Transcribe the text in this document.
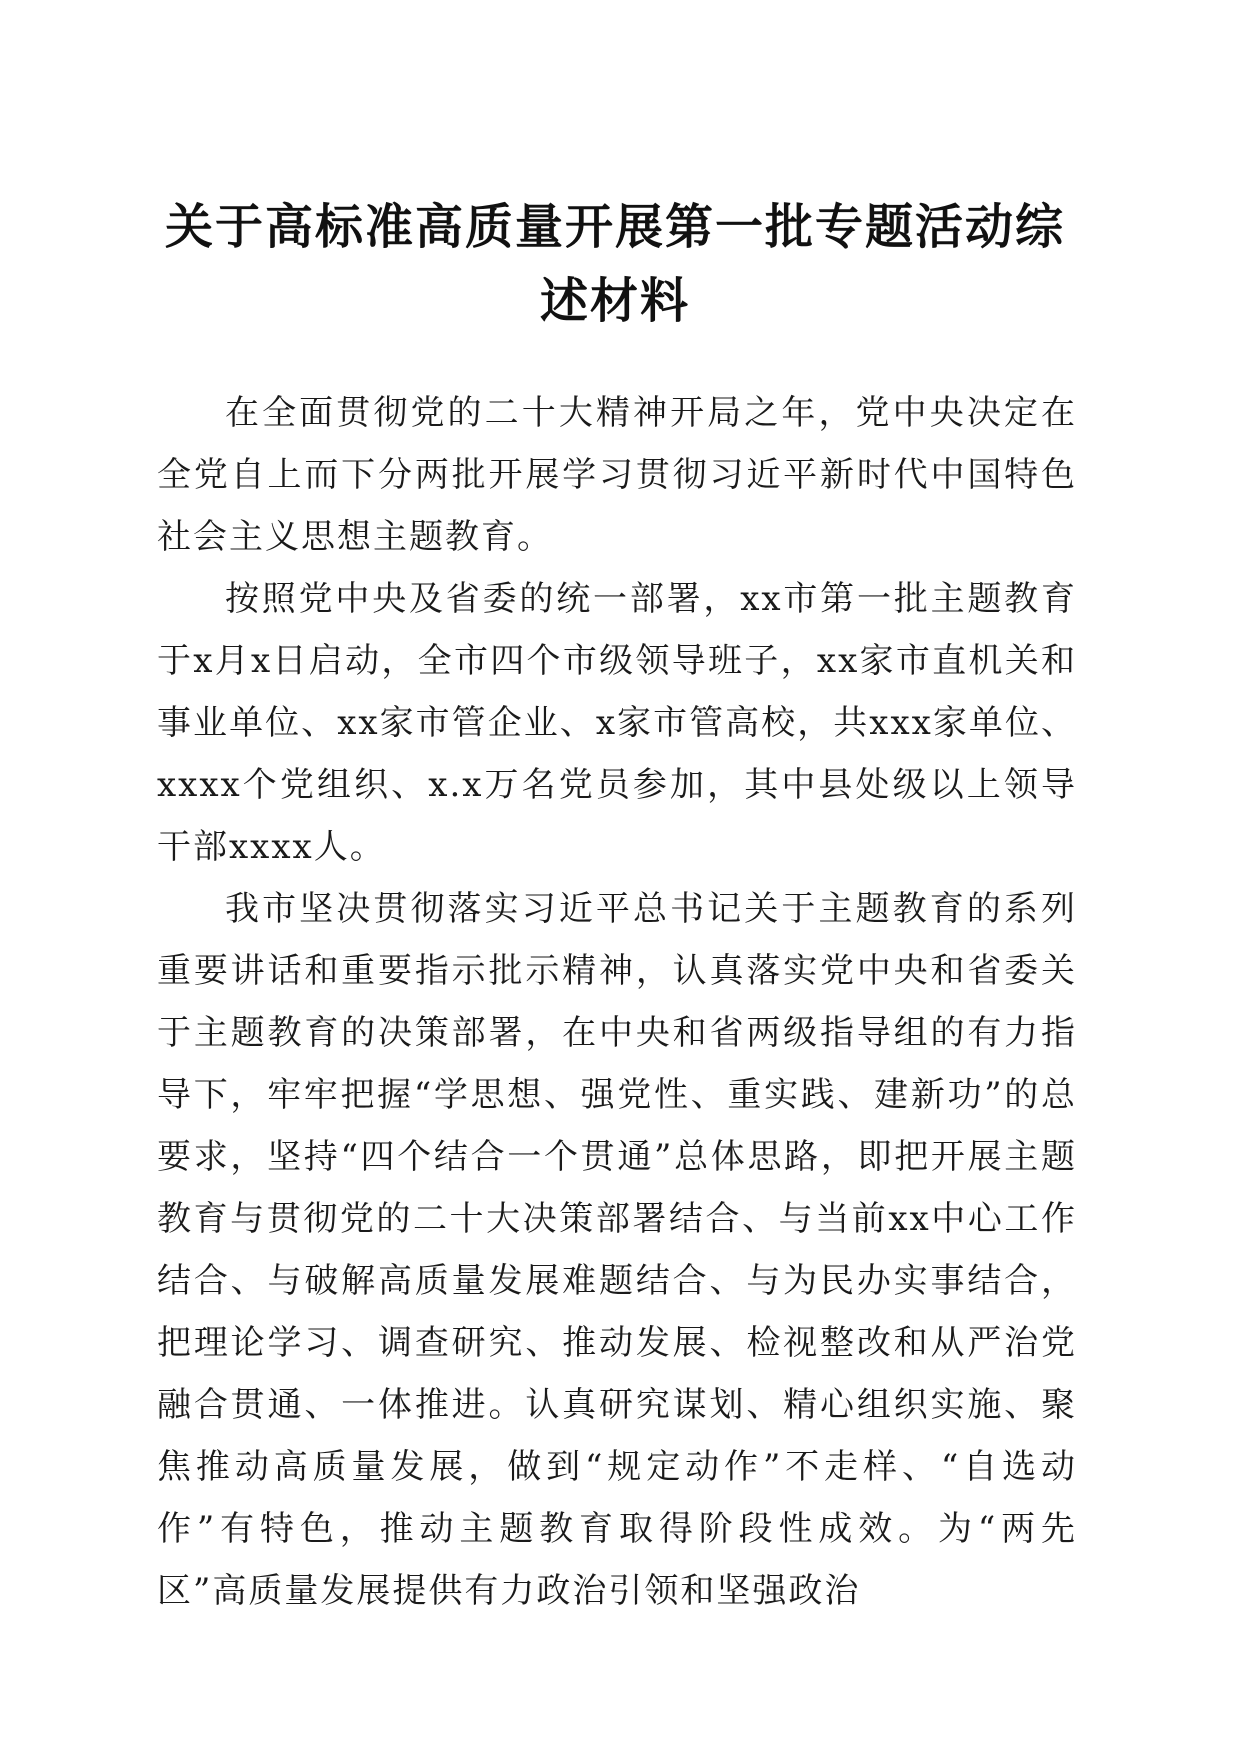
关于高标准高质量开展第一批专题活动综述材料

在全面贯彻党的二十大精神开局之年，党中央决定在全党自上而下分两批开展学习贯彻习近平新时代中国特色社会主义思想主题教育。

按照党中央及省委的统一部署，xx市第一批主题教育于x月x日启动，全市四个市级领导班子，xx家市直机关和事业单位、xx家市管企业、x家市管高校，共xxx家单位、xxxx个党组织、x.x万名党员参加，其中县处级以上领导干部xxxx人。

我市坚决贯彻落实习近平总书记关于主题教育的系列重要讲话和重要指示批示精神，认真落实党中央和省委关于主题教育的决策部署，在中央和省两级指导组的有力指导下，牢牢把握“学思想、强党性、重实践、建新功”的总要求，坚持“四个结合一个贯通”总体思路，即把开展主题教育与贯彻党的二十大决策部署结合、与当前xx中心工作结合、与破解高质量发展难题结合、与为民办实事结合，把理论学习、调查研究、推动发展、检视整改和从严治党融合贯通、一体推进。认真研究谋划、精心组织实施、聚焦推动高质量发展，做到“规定动作”不走样、“自选动作”有特色，推动主题教育取得阶段性成效。为“两先区”高质量发展提供有力政治引领和坚强政治
